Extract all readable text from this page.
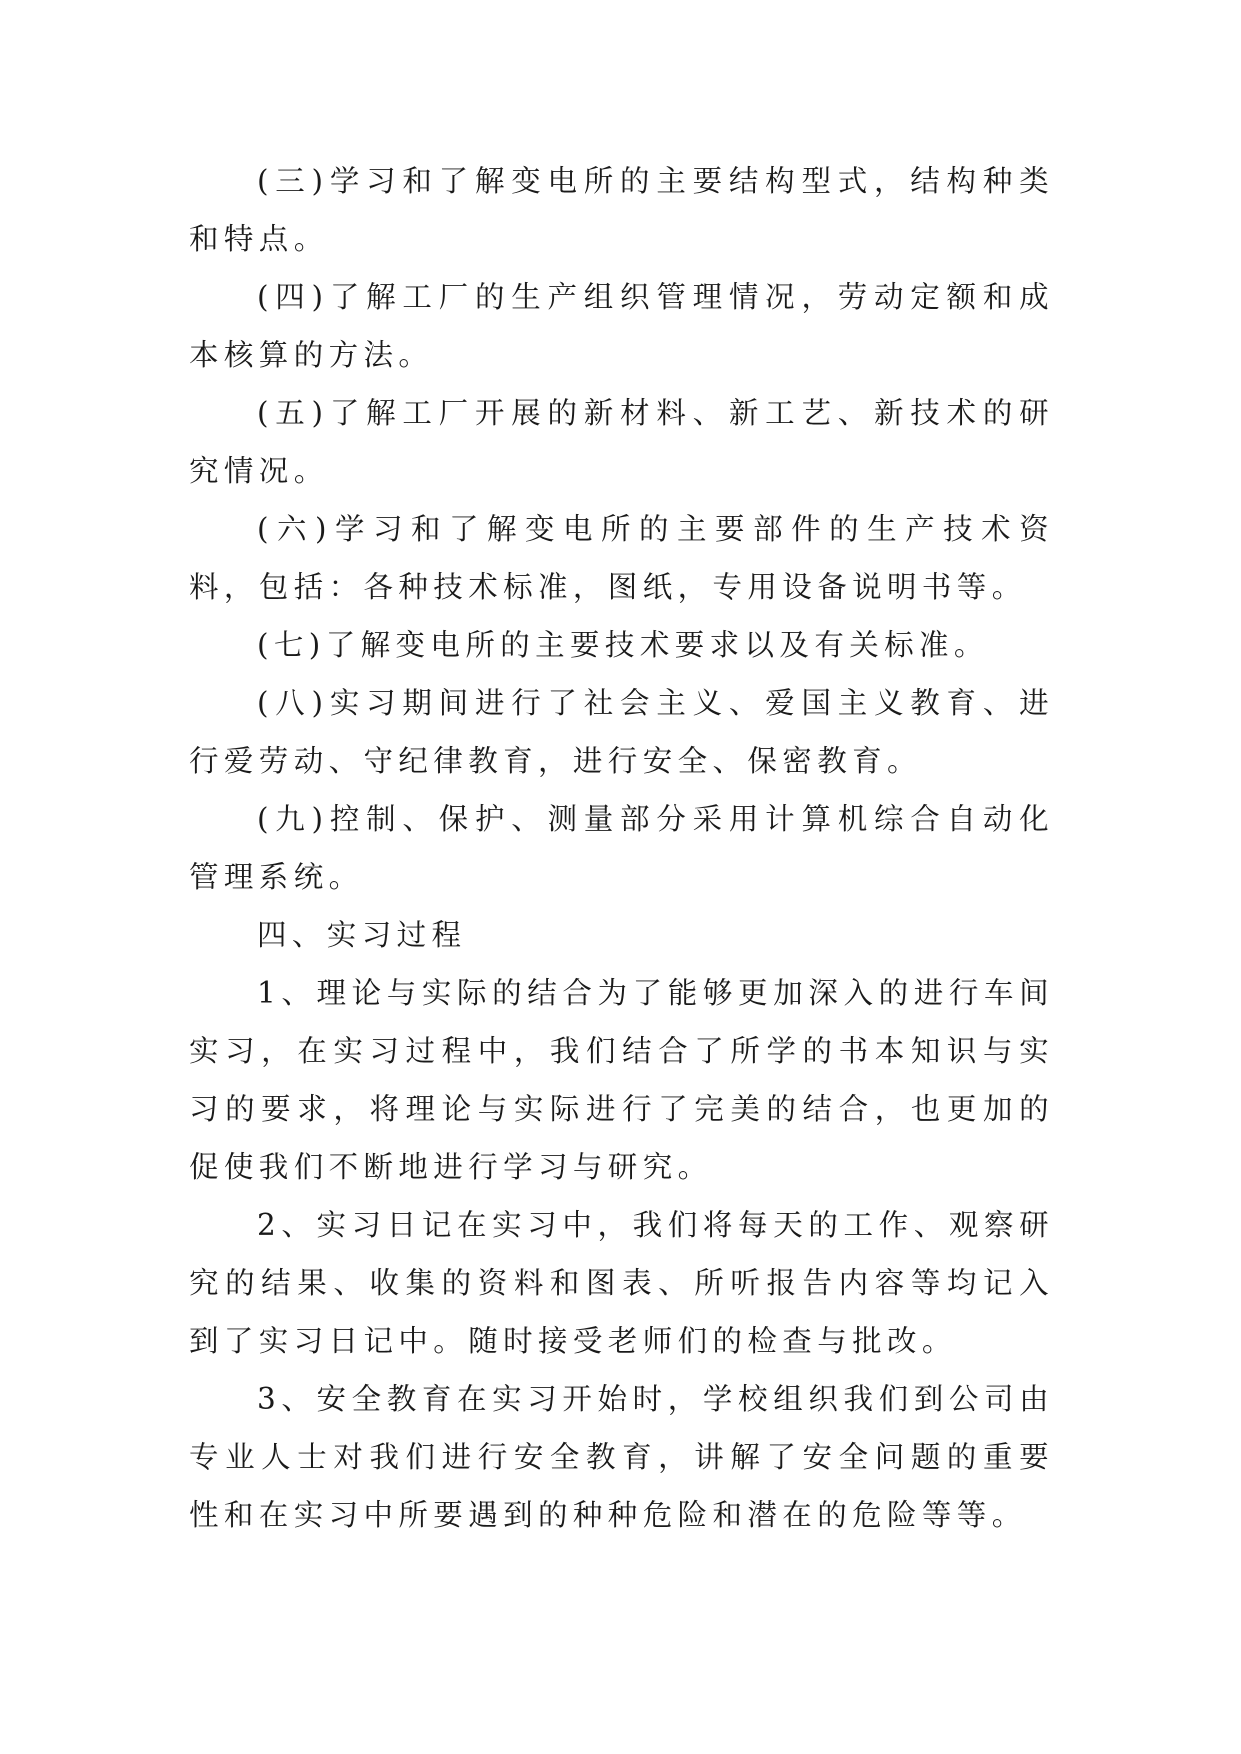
(三)学习和了解变电所的主要结构型式，结构种类和特点。

(四)了解工厂的生产组织管理情况，劳动定额和成本核算的方法。

(五)了解工厂开展的新材料、新工艺、新技术的研究情况。

(六)学习和了解变电所的主要部件的生产技术资料，包括：各种技术标准，图纸，专用设备说明书等。

(七)了解变电所的主要技术要求以及有关标准。

(八)实习期间进行了社会主义、爱国主义教育、进行爱劳动、守纪律教育，进行安全、保密教育。

(九)控制、保护、测量部分采用计算机综合自动化管理系统。

四、实习过程

1、理论与实际的结合为了能够更加深入的进行车间实习，在实习过程中，我们结合了所学的书本知识与实习的要求，将理论与实际进行了完美的结合，也更加的促使我们不断地进行学习与研究。

2、实习日记在实习中，我们将每天的工作、观察研究的结果、收集的资料和图表、所听报告内容等均记入到了实习日记中。随时接受老师们的检查与批改。

3、安全教育在实习开始时，学校组织我们到公司由专业人士对我们进行安全教育，讲解了安全问题的重要性和在实习中所要遇到的种种危险和潜在的危险等等。
